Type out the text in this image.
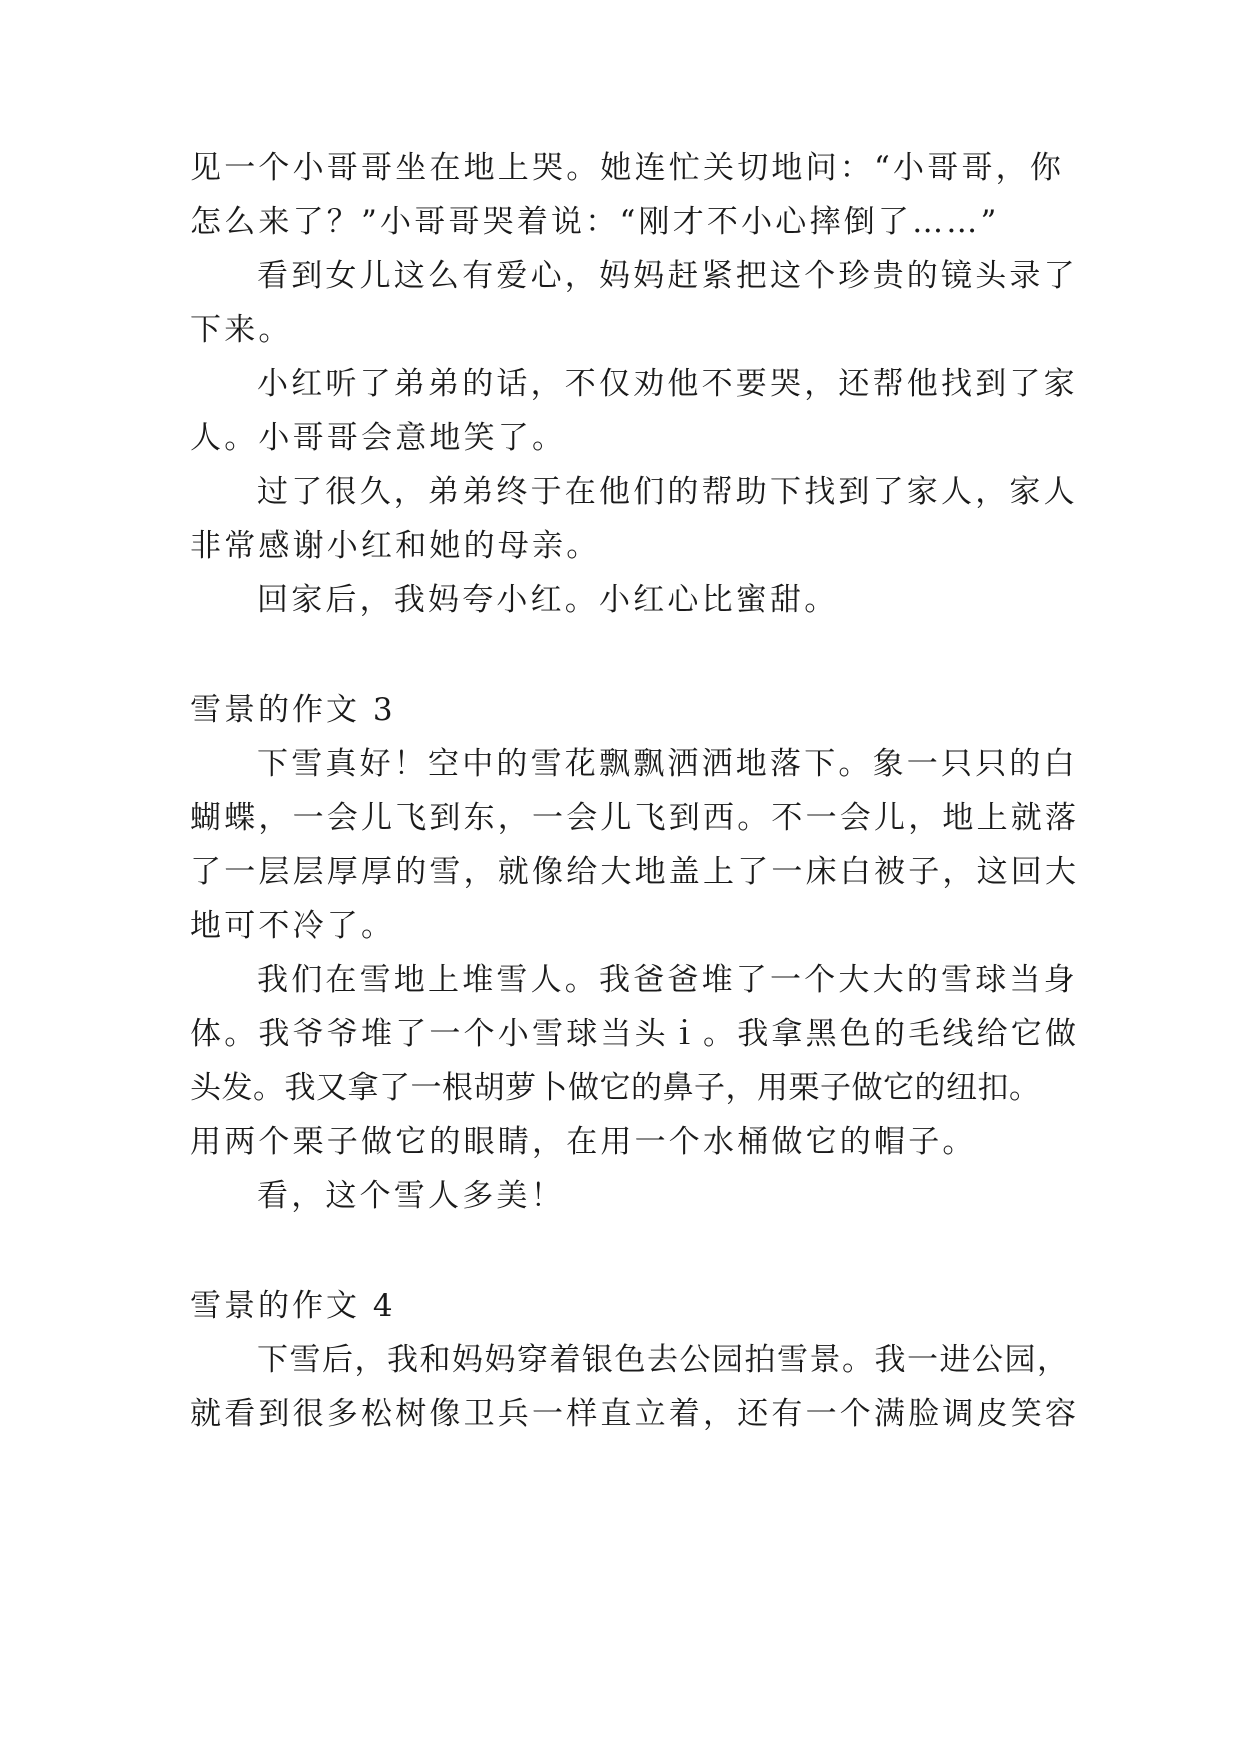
见一个小哥哥坐在地上哭。她连忙关切地问：“小哥哥，你
怎么来了？”小哥哥哭着说：“刚才不小心摔倒了……”
看到女儿这么有爱心，妈妈赶紧把这个珍贵的镜头录了
下来。
小红听了弟弟的话，不仅劝他不要哭，还帮他找到了家
人。小哥哥会意地笑了。
过了很久，弟弟终于在他们的帮助下找到了家人，家人
非常感谢小红和她的母亲。
回家后，我妈夸小红。小红心比蜜甜。
雪景的作文 3
下雪真好！空中的雪花飘飘洒洒地落下。象一只只的白
蝴蝶，一会儿飞到东，一会儿飞到西。不一会儿，地上就落
了一层层厚厚的雪，就像给大地盖上了一床白被子，这回大
地可不冷了。
我们在雪地上堆雪人。我爸爸堆了一个大大的雪球当身
体。我爷爷堆了一个小雪球当头ｉ。我拿黑色的毛线给它做
头发。我又拿了一根胡萝卜做它的鼻子，用栗子做它的纽扣。
用两个栗子做它的眼睛，在用一个水桶做它的帽子。
看，这个雪人多美！
雪景的作文 4
下雪后，我和妈妈穿着银色去公园拍雪景。我一进公园，
就看到很多松树像卫兵一样直立着，还有一个满脸调皮笑容
